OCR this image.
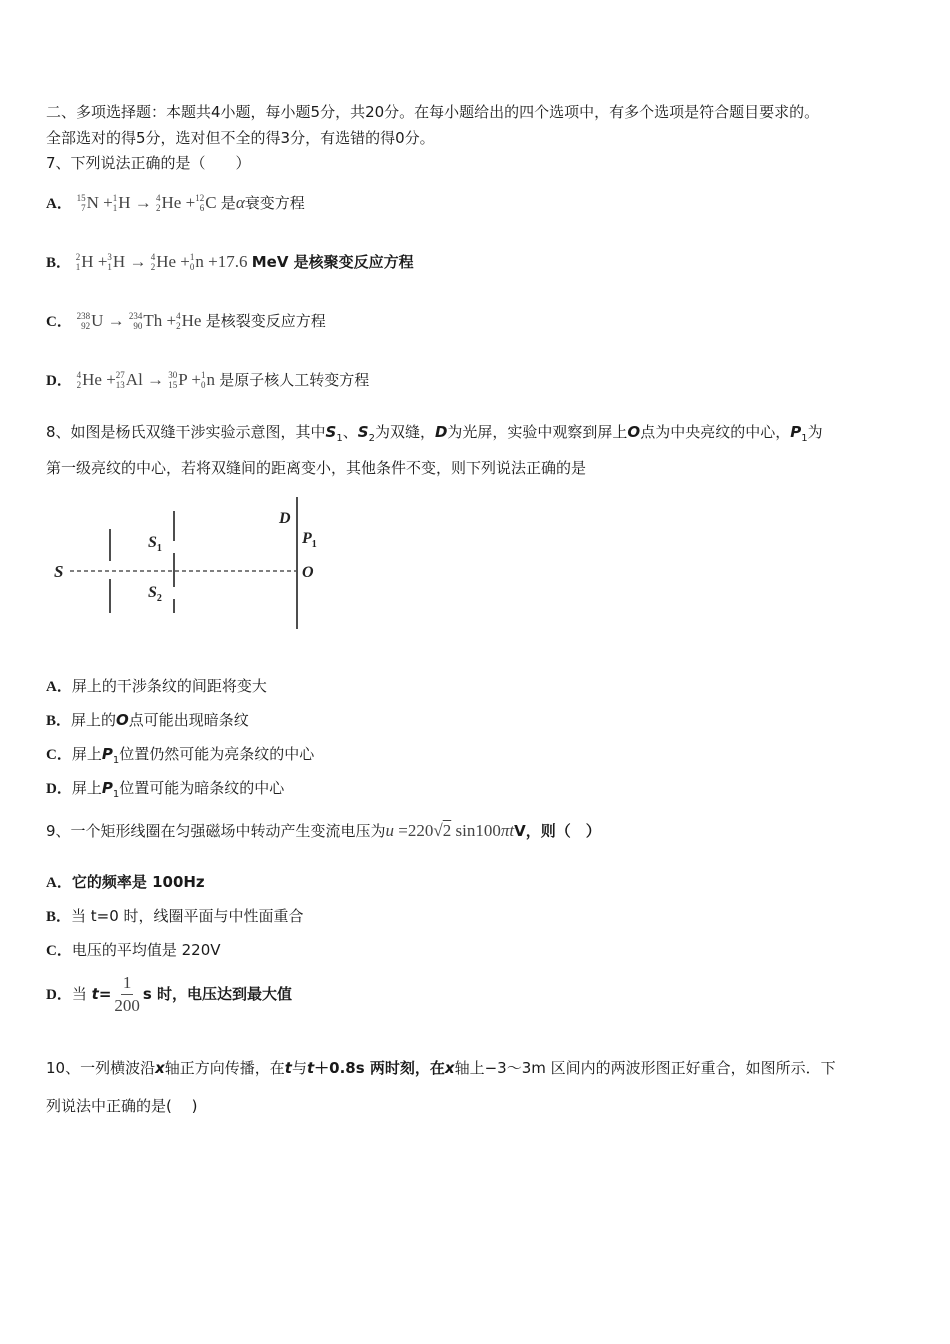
二、多项选择题：本题共4小题，每小题5分，共20分。在每小题给出的四个选项中，有多个选项是符合题目要求的。
全部选对的得5分，选对但不全的得3分，有选错的得0分。
7、下列说法正确的是（　　）
A． 15
7 N + 1
1 H → 4
2 He + 12
6 C 是α衰变方程
B． 2
1 H + 3
1 H → 4
2 He + 1
0 n +17.6 MeV 是核聚变反应方程
C． 238
92 U → 234
90 Th + 4
2 He 是核裂变反应方程
D． 4
2 He + 27
13 Al → 30
15 P + 1
0 n 是原子核人工转变方程
8、如图是杨氏双缝干涉实验示意图，其中$S_1$、$S_2$为双缝，D为光屏，实验中观察到屏上O点为中央亮纹的中心，$P_1$为
第一级亮纹的中心，若将双缝间的距离变小，其他条件不变，则下列说法正确的是
S
$S_1$
$S_2$
D
$P_1$
O
A．屏上的干涉条纹的间距将变大
B．屏上的O点可能出现暗条纹
C．屏上$P_1$位置仍然可能为亮条纹的中心
D．屏上$P_1$位置可能为暗条纹的中心
9、一个矩形线圈在匀强磁场中转动产生变流电压为u =220√2 sin100πtV，则（　）
A．它的频率是 100Hz
B．当 t=0 时，线圈平面与中性面重合
C．电压的平均值是 220V
D．当 $t= \frac{1}{200}$ s 时，电压达到最大值
10、一列横波沿x轴正方向传播，在t与t＋0.8s 两时刻，在x轴上−3～3m 区间内的两波形图正好重合，如图所示．下
列说法中正确的是(　 )
